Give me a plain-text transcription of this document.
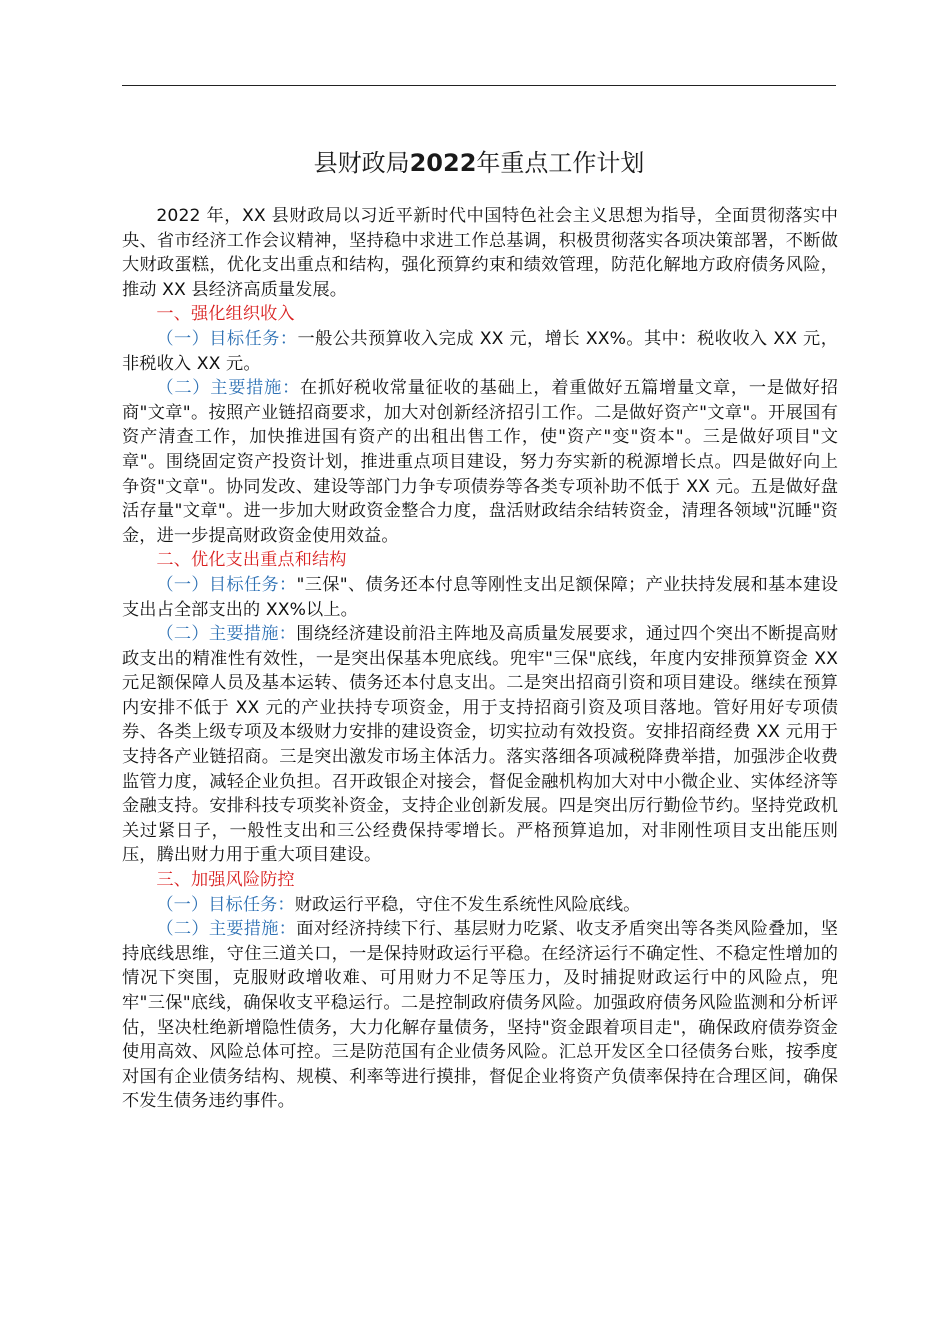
县财政局2022年重点工作计划

2022 年，XX 县财政局以习近平新时代中国特色社会主义思想为指导，全面贯彻落实中央、省市经济工作会议精神，坚持稳中求进工作总基调，积极贯彻落实各项决策部署，不断做大财政蛋糕，优化支出重点和结构，强化预算约束和绩效管理，防范化解地方政府债务风险，推动 XX 县经济高质量发展。

一、强化组织收入

（一）目标任务：一般公共预算收入完成 XX 元，增长 XX%。其中：税收收入 XX 元，非税收入 XX 元。

（二）主要措施：在抓好税收常量征收的基础上，着重做好五篇增量文章，一是做好招商"文章"。按照产业链招商要求，加大对创新经济招引工作。二是做好资产"文章"。开展国有资产清查工作，加快推进国有资产的出租出售工作，使"资产"变"资本"。三是做好项目"文章"。围绕固定资产投资计划，推进重点项目建设，努力夯实新的税源增长点。四是做好向上争资"文章"。协同发改、建设等部门力争专项债券等各类专项补助不低于 XX 元。五是做好盘活存量"文章"。进一步加大财政资金整合力度，盘活财政结余结转资金，清理各领域"沉睡"资金，进一步提高财政资金使用效益。

二、优化支出重点和结构

（一）目标任务："三保"、债务还本付息等刚性支出足额保障；产业扶持发展和基本建设支出占全部支出的 XX%以上。

（二）主要措施：围绕经济建设前沿主阵地及高质量发展要求，通过四个突出不断提高财政支出的精准性有效性，一是突出保基本兜底线。兜牢"三保"底线，年度内安排预算资金 XX 元足额保障人员及基本运转、债务还本付息支出。二是突出招商引资和项目建设。继续在预算内安排不低于 XX 元的产业扶持专项资金，用于支持招商引资及项目落地。管好用好专项债券、各类上级专项及本级财力安排的建设资金，切实拉动有效投资。安排招商经费 XX 元用于支持各产业链招商。三是突出激发市场主体活力。落实落细各项减税降费举措，加强涉企收费监管力度，减轻企业负担。召开政银企对接会，督促金融机构加大对中小微企业、实体经济等金融支持。安排科技专项奖补资金，支持企业创新发展。四是突出厉行勤俭节约。坚持党政机关过紧日子，一般性支出和三公经费保持零增长。严格预算追加，对非刚性项目支出能压则压，腾出财力用于重大项目建设。

三、加强风险防控

（一）目标任务：财政运行平稳，守住不发生系统性风险底线。

（二）主要措施：面对经济持续下行、基层财力吃紧、收支矛盾突出等各类风险叠加，坚持底线思维，守住三道关口，一是保持财政运行平稳。在经济运行不确定性、不稳定性增加的情况下突围，克服财政增收难、可用财力不足等压力，及时捕捉财政运行中的风险点，兜牢"三保"底线，确保收支平稳运行。二是控制政府债务风险。加强政府债务风险监测和分析评估，坚决杜绝新增隐性债务，大力化解存量债务，坚持"资金跟着项目走"，确保政府债券资金使用高效、风险总体可控。三是防范国有企业债务风险。汇总开发区全口径债务台账，按季度对国有企业债务结构、规模、利率等进行摸排，督促企业将资产负债率保持在合理区间，确保不发生债务违约事件。
